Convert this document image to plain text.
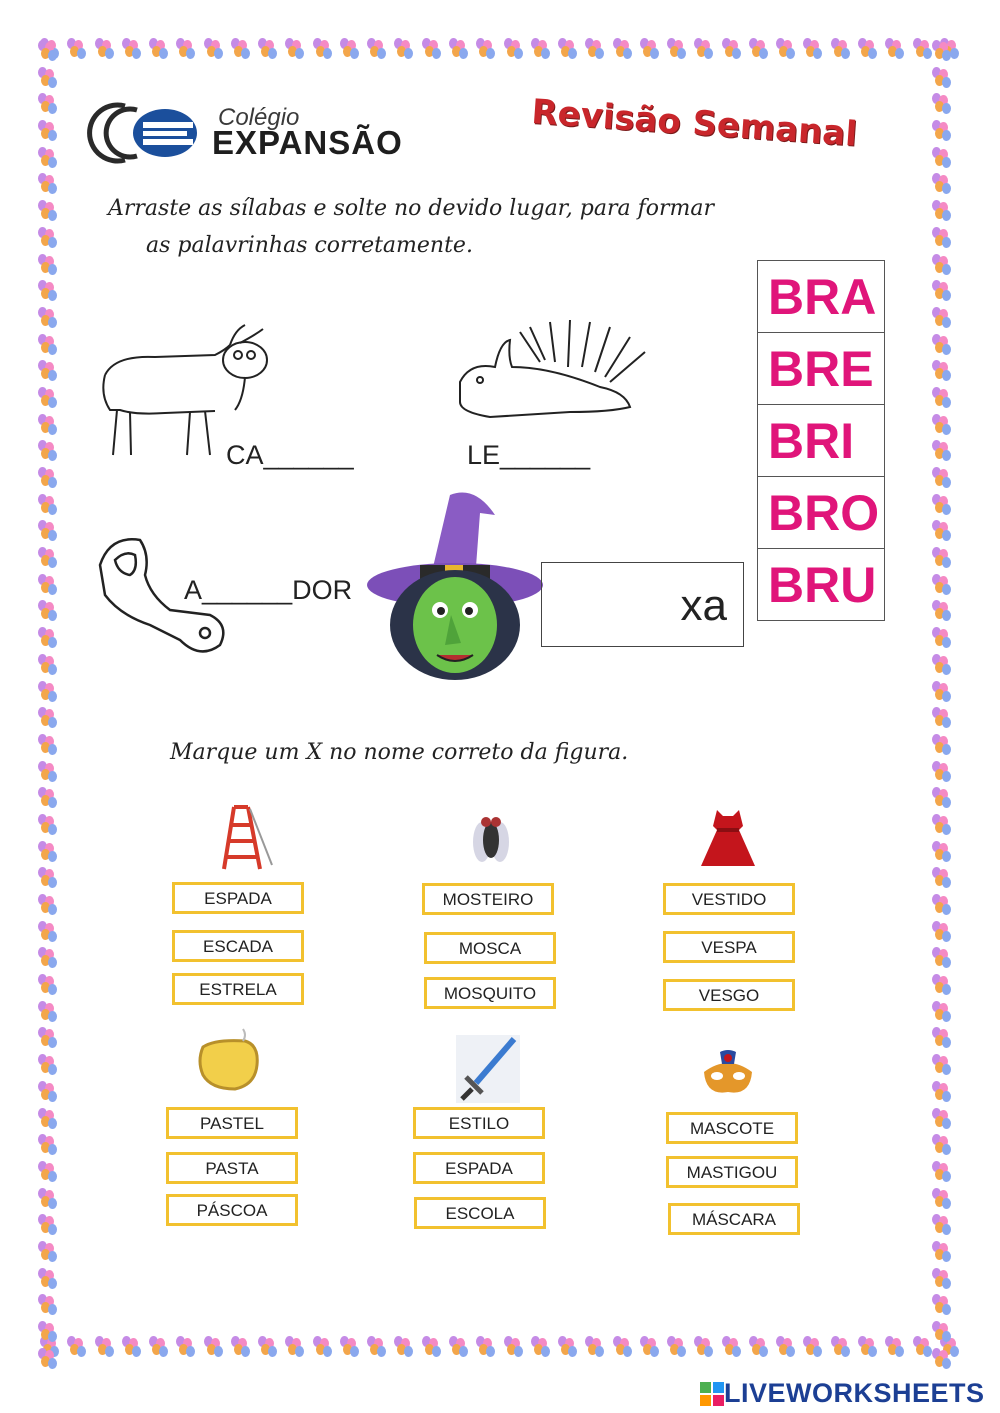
Colégio
EXPANSÃO	Revisão Semanal
Arraste as sílabas e solte no devido lugar, para formar
as palavrinhas corretamente.
BRA
BRE
BRI
BRO
BRU
CA______	LE______
A______DOR	xa
Marque um X no nome correto da figura.
ESPADA
ESCADA
ESTRELA
MOSTEIRO
MOSCA
MOSQUITO
VESTIDO
VESPA
VESGO
PASTEL
PASTA
PÁSCOA
ESTILO
ESPADA
ESCOLA
MASCOTE
MASTIGOU
MÁSCARA
LIVEWORKSHEETS
